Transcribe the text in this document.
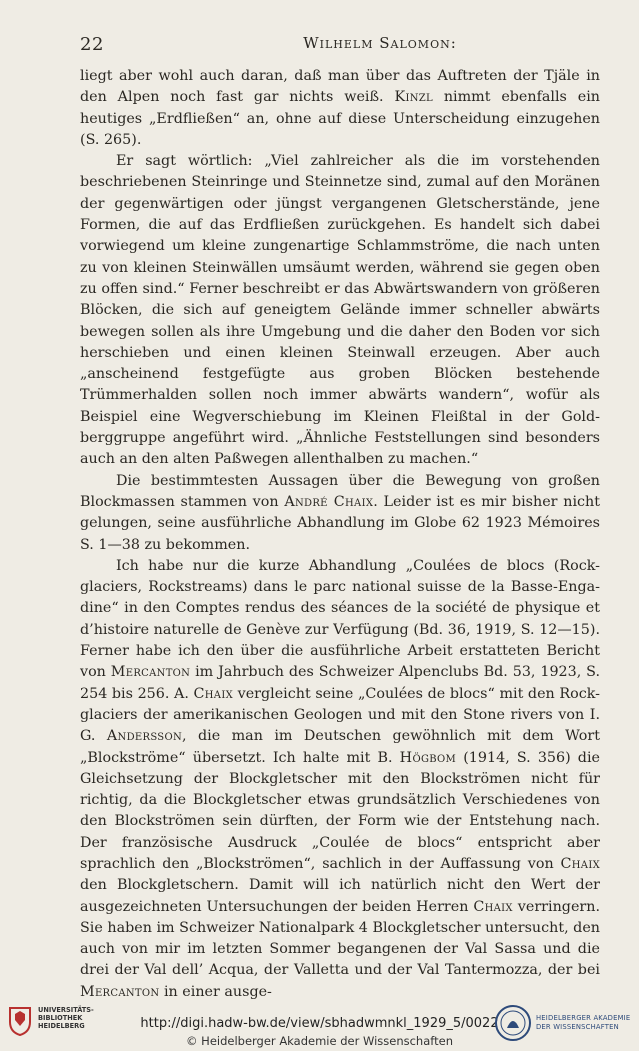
22	Wilhelm Salomon:

liegt aber wohl auch daran, daß man über das Auftreten der Tjäle in den Alpen noch fast gar nichts weiß. Kinzl nimmt ebenfalls ein heutiges „Erdfließen“ an, ohne auf diese Unterscheidung einzugehen (S. 265).

Er sagt wörtlich: „Viel zahlreicher als die im vorstehenden beschriebenen Steinringe und Steinnetze sind, zumal auf den Moränen der gegenwärtigen oder jüngst vergangenen Gletscherstände, jene Formen, die auf das Erdfließen zurückgehen. Es handelt sich dabei vorwiegend um kleine zungenartige Schlammströme, die nach unten zu von kleinen Steinwällen umsäumt werden, während sie gegen oben zu offen sind.“ Ferner beschreibt er das Abwärtswandern von größeren Blöcken, die sich auf geneigtem Gelände immer schneller abwärts bewegen sollen als ihre Umgebung und die daher den Boden vor sich herschieben und einen kleinen Steinwall erzeugen. Aber auch „anscheinend festgefügte aus groben Blöcken bestehende Trümmerhalden sollen noch immer abwärts wandern“, wofür als Beispiel eine Wegverschiebung im Kleinen Fleißtal in der Goldberggruppe angeführt wird. „Ähnliche Feststellungen sind besonders auch an den alten Paßwegen allenthalben zu machen.“

Die bestimmtesten Aussagen über die Bewegung von großen Blockmassen stammen von André Chaix. Leider ist es mir bisher nicht gelungen, seine ausführliche Abhandlung im Globe 62 1923 Mémoires S. 1—38 zu bekommen.

Ich habe nur die kurze Abhandlung „Coulées de blocs (Rock-glaciers, Rockstreams) dans le parc national suisse de la Basse-Engadine“ in den Comptes rendus des séances de la société de physique et d’histoire naturelle de Genève zur Verfügung (Bd. 36, 1919, S. 12—15). Ferner habe ich den über die ausführliche Arbeit erstatteten Bericht von Mercanton im Jahrbuch des Schweizer Alpenclubs Bd. 53, 1923, S. 254 bis 256. A. Chaix vergleicht seine „Coulées de blocs“ mit den Rock-glaciers der amerikanischen Geologen und mit den Stone rivers von I. G. Andersson, die man im Deutschen gewöhnlich mit dem Wort „Blockströme“ übersetzt. Ich halte mit B. Högbom (1914, S. 356) die Gleichsetzung der Blockgletscher mit den Blockströmen nicht für richtig, da die Blockgletscher etwas grundsätzlich Verschiedenes von den Blockströmen sein dürften, der Form wie der Entstehung nach. Der französische Ausdruck „Coulée de blocs“ entspricht aber sprachlich den „Blockströmen“, sachlich in der Auffassung von Chaix den Blockgletschern. Damit will ich natürlich nicht den Wert der ausgezeichneten Untersuchungen der beiden Herren Chaix verringern. Sie haben im Schweizer Nationalpark 4 Blockgletscher untersucht, den auch von mir im letzten Sommer begangenen der Val Sassa und die drei der Val dell’ Acqua, der Valletta und der Val Tantermozza, der bei Mercanton in einer ausge-

UNIVERSITÄTS-
BIBLIOTHEK
HEIDELBERG	http://digi.hadw-bw.de/view/sbhadwmnkl_1929_5/0022
© Heidelberger Akademie der Wissenschaften
HEIDELBERGER AKADEMIE
DER WISSENSCHAFTEN
